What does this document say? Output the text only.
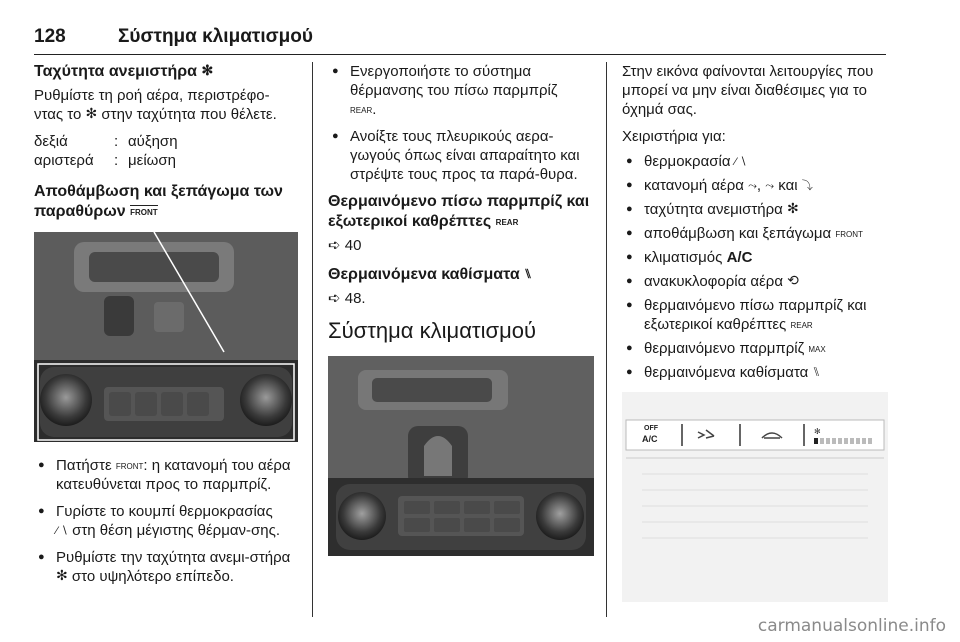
128	Σύστημα κλιματισμού
Ταχύτητα ανεμιστήρα ✻

Ρυθμίστε τη ροή αέρα, περιστρέφο-
ντας το ✻ στην ταχύτητα που θέλετε.

δεξιά	: αύξηση
αριστερά	: μείωση
Αποθάμβωση και ξεπάγωμα των
παραθύρων FRONT
● Πατήστε FRONT: η κατανομή του αέρα κατευθύνεται προς το παρμπρίζ.
● Γυρίστε το κουμπί θερμοκρασίας
⁄ ∖ στη θέση μέγιστης θέρμαν-σης.
● Ρυθμίστε την ταχύτητα ανεμι-στήρα ✻ στο υψηλότερο επίπεδο.
● Ενεργοποιήστε το σύστημα θέρμανσης του πίσω παρμπρίζ
REAR.
● Ανοίξτε τους πλευρικούς αερα-γωγούς όπως είναι απαραίτητο και στρέψτε τους προς τα παρά-θυρα.
Θερμαινόμενο πίσω παρμπρίζ και εξωτερικοί καθρέπτες REAR

➪ 40

Θερμαινόμενα καθίσματα ⑊

➪ 48.

Σύστημα κλιματισμού

Στην εικόνα φαίνονται λειτουργίες που μπορεί να μην είναι διαθέσιμες για το όχημά σας.

Χειριστήρια για:

● θερμοκρασία ⁄ ∖
● κατανομή αέρα ⤳, ⤳ και ⤵
● ταχύτητα ανεμιστήρα ✻
● αποθάμβωση και ξεπάγωμα FRONT
● κλιματισμός A/C
● ανακυκλοφορία αέρα ⟲
● θερμαινόμενο πίσω παρμπρίζ και εξωτερικοί καθρέπτες REAR
● θερμαινόμενο παρμπρίζ MAX
● θερμαινόμενα καθίσματα ⑊
OFF
A/C
✻
carmanualsonline.info
